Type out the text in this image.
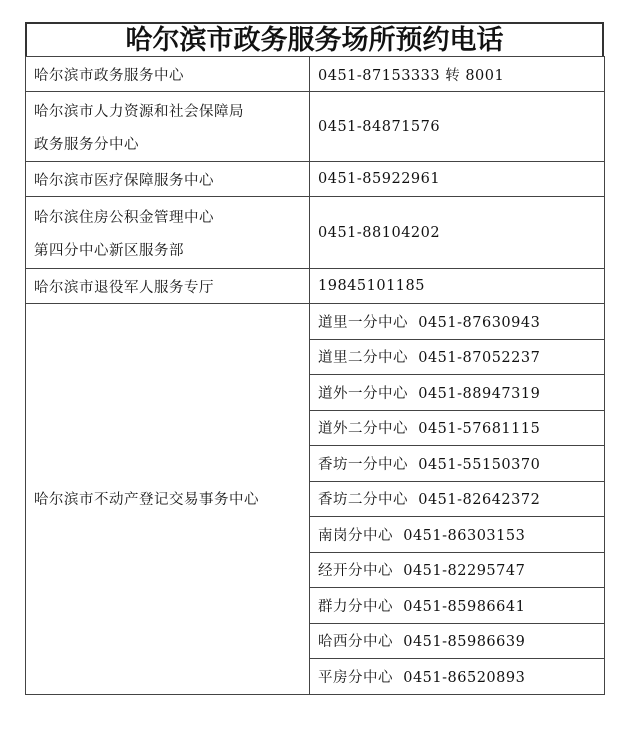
哈尔滨市政务服务场所预约电话
哈尔滨市政务服务中心	0451-87153333 转 8001

哈尔滨市人力资源和社会保障局
政务服务分中心	0451-84871576

哈尔滨市医疗保障服务中心	0451-85922961

哈尔滨住房公积金管理中心
第四分中心新区服务部	0451-88104202

哈尔滨市退役军人服务专厅	19845101185

哈尔滨市不动产登记交易事务中心	道里一分中心 0451-87630943
	道里二分中心 0451-87052237
	道外一分中心 0451-88947319
	道外二分中心 0451-57681115
	香坊一分中心 0451-55150370
	香坊二分中心 0451-82642372
	南岗分中心 0451-86303153
	经开分中心 0451-82295747
	群力分中心 0451-85986641
	哈西分中心 0451-85986639
	平房分中心 0451-86520893
